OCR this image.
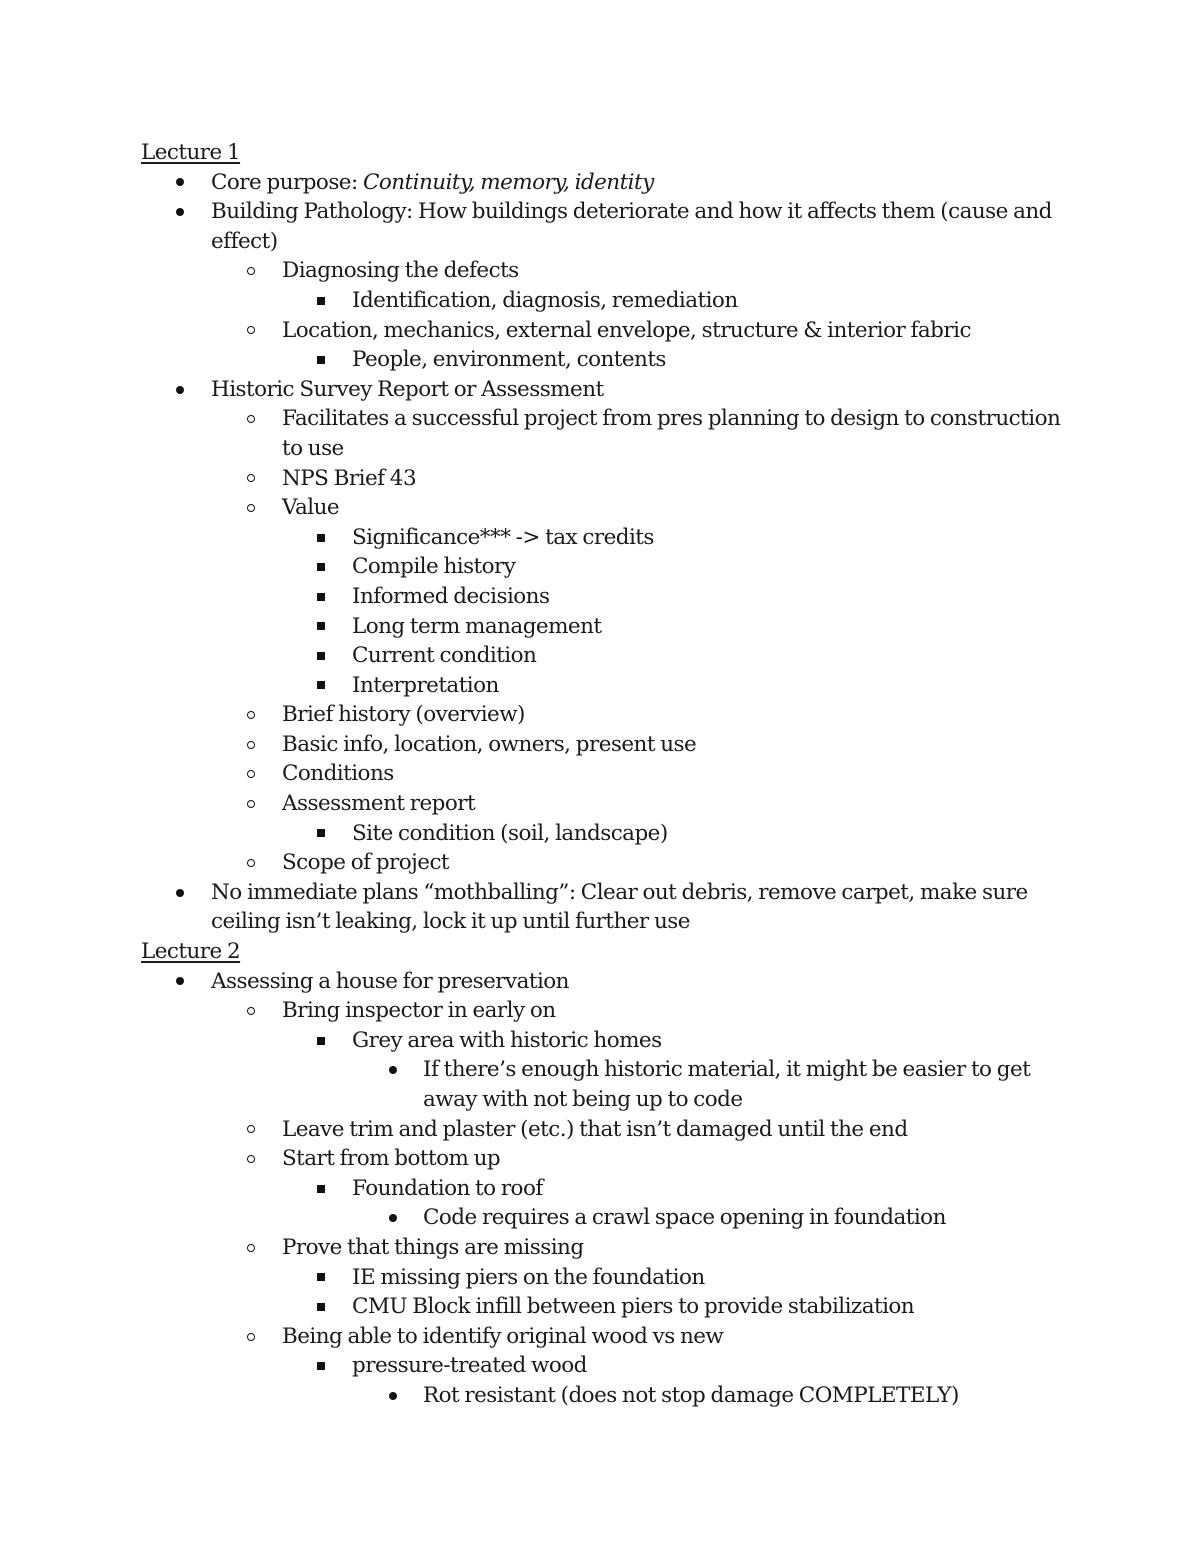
Lecture 1
Core purpose: Continuity, memory, identity
Building Pathology: How buildings deteriorate and how it affects them (cause and effect)
Diagnosing the defects
Identification, diagnosis, remediation
Location, mechanics, external envelope, structure & interior fabric
People, environment, contents
Historic Survey Report or Assessment
Facilitates a successful project from pres planning to design to construction to use
NPS Brief 43
Value
Significance*** -> tax credits
Compile history
Informed decisions
Long term management
Current condition
Interpretation
Brief history (overview)
Basic info, location, owners, present use
Conditions
Assessment report
Site condition (soil, landscape)
Scope of project
No immediate plans “mothballing”: Clear out debris, remove carpet, make sure ceiling isn’t leaking, lock it up until further use
Lecture 2
Assessing a house for preservation
Bring inspector in early on
Grey area with historic homes
If there’s enough historic material, it might be easier to get away with not being up to code
Leave trim and plaster (etc.) that isn’t damaged until the end
Start from bottom up
Foundation to roof
Code requires a crawl space opening in foundation
Prove that things are missing
IE missing piers on the foundation
CMU Block infill between piers to provide stabilization
Being able to identify original wood vs new
pressure-treated wood
Rot resistant (does not stop damage COMPLETELY)
